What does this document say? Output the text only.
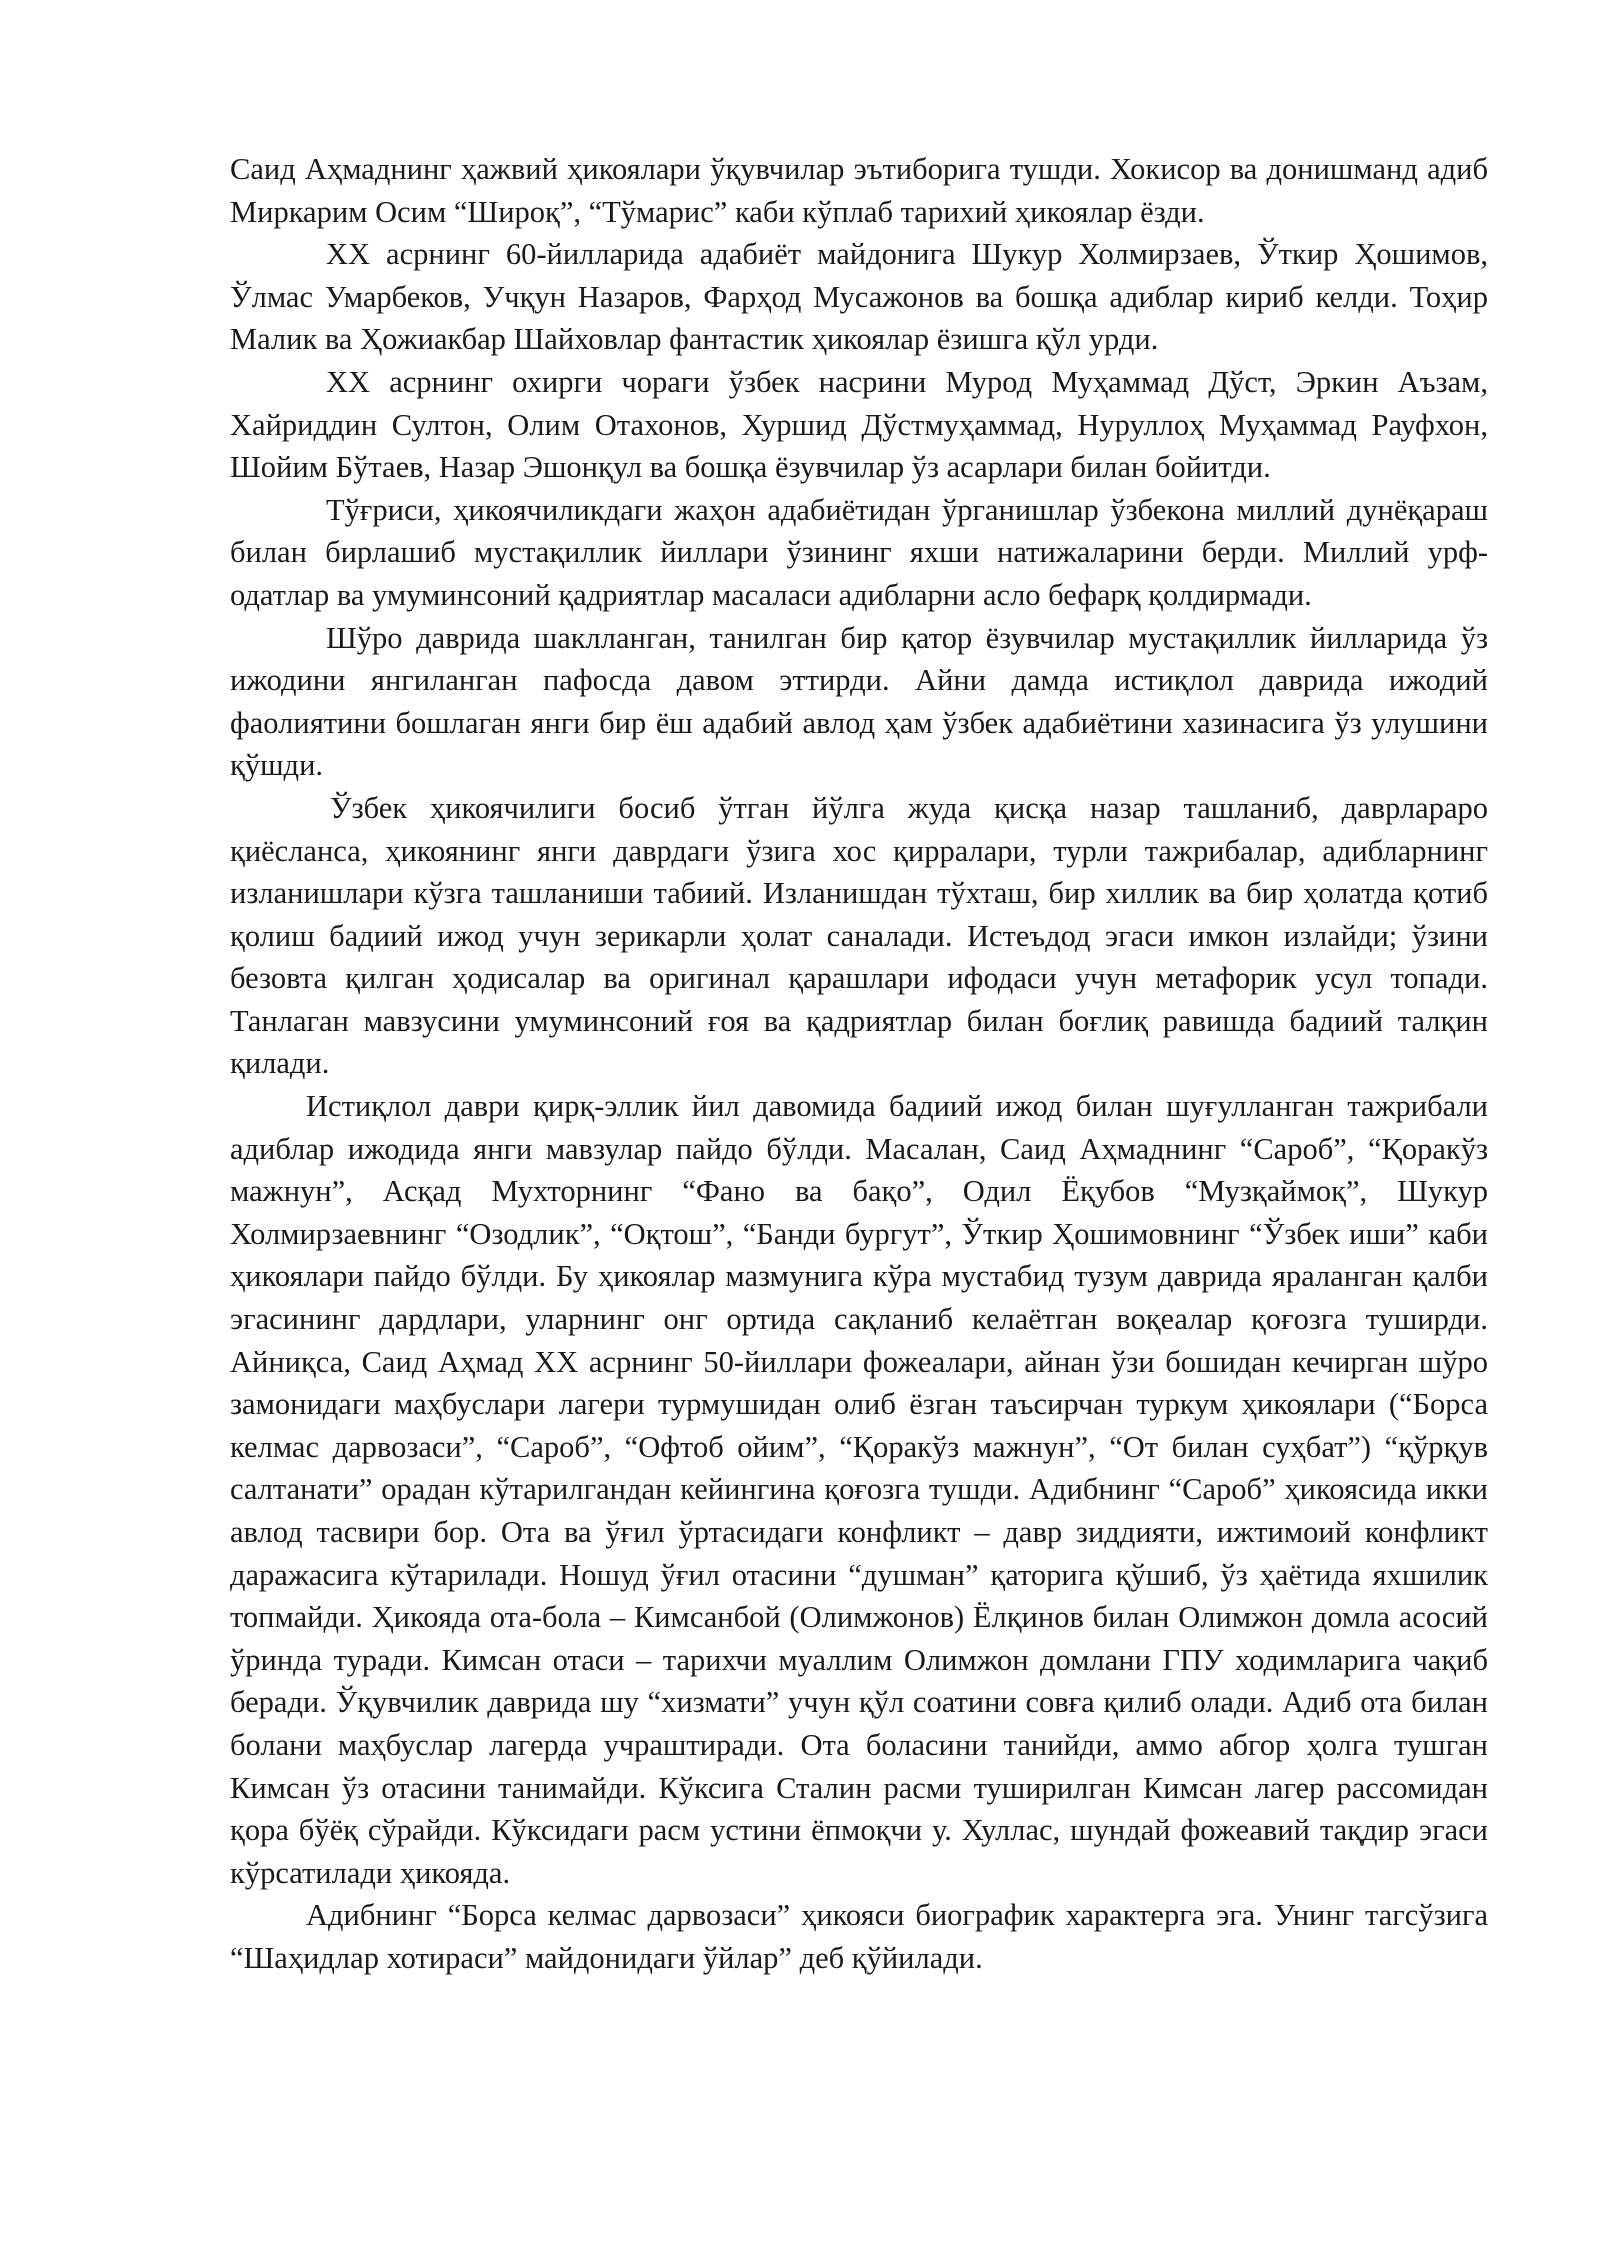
Саид Аҳмаднинг ҳажвий ҳикоялари ўқувчилар эътиборига тушди. Хокисор ва донишманд адиб Миркарим Осим “Широқ”, “Тўмарис” каби кўплаб тарихий ҳикоялар ёзди.

XX асрнинг 60-йилларида адабиёт майдонига Шукур Холмирзаев, Ўткир Ҳошимов, Ўлмас Умарбеков, Учқун Назаров, Фарҳод Мусажонов ва бошқа адиблар кириб келди. Тоҳир Малик ва Ҳожиакбар Шайховлар фантастик ҳикоялар ёзишга қўл урди.

XX асрнинг охирги чораги ўзбек насрини Мурод Муҳаммад Дўст, Эркин Аъзам, Хайриддин Султон, Олим Отахонов, Хуршид Дўстмуҳаммад, Нуруллоҳ Муҳаммад Рауфхон, Шойим Бўтаев, Назар Эшонқул ва бошқа ёзувчилар ўз асарлари билан бойитди.

Тўғриси, ҳикоячиликдаги жаҳон адабиётидан ўрганишлар ўзбекона миллий дунёқараш билан бирлашиб мустақиллик йиллари ўзининг яхши натижаларини берди. Миллий урф-одатлар ва умуминсоний қадриятлар масаласи адибларни асло бефарқ қолдирмади.

Шўро даврида шаклланган, танилган бир қатор ёзувчилар мустақиллик йилларида ўз ижодини янгиланган пафосда давом эттирди. Айни дамда истиқлол даврида ижодий фаолиятини бошлаган янги бир ёш адабий авлод ҳам ўзбек адабиётини хазинасига ўз улушини қўшди.

Ўзбек ҳикоячилиги босиб ўтган йўлга жуда қисқа назар ташланиб, даврлараро қиёсланса, ҳикоянинг янги даврдаги ўзига хос қирралари, турли тажрибалар, адибларнинг изланишлари кўзга ташланиши табиий. Изланишдан тўхташ, бир хиллик ва бир ҳолатда қотиб қолиш бадиий ижод учун зерикарли ҳолат саналади. Истеъдод эгаси имкон излайди; ўзини безовта қилган ҳодисалар ва оригинал қарашлари ифодаси учун метафорик усул топади. Танлаган мавзусини умуминсоний ғоя ва қадриятлар билан боғлиқ равишда бадиий талқин қилади.

Истиқлол даври қирқ-эллик йил давомида бадиий ижод билан шуғулланган тажрибали адиблар ижодида янги мавзулар пайдо бўлди. Масалан, Саид Аҳмаднинг “Сароб”, “Қоракўз мажнун”, Асқад Мухторнинг “Фано ва бақо”, Одил Ёқубов “Музқаймоқ”, Шукур Холмирзаевнинг “Озодлик”, “Оқтош”, “Банди бургут”, Ўткир Ҳошимовнинг “Ўзбек иши” каби ҳикоялари пайдо бўлди. Бу ҳикоялар мазмунига кўра мустабид тузум даврида яраланган қалби эгасининг дардлари, уларнинг онг ортида сақланиб келаётган воқеалар қоғозга туширди. Айниқса, Саид Аҳмад XX асрнинг 50-йиллари фожеалари, айнан ўзи бошидан кечирган шўро замонидаги маҳбуслари лагери турмушидан олиб ёзган таъсирчан туркум ҳикоялари (“Борса келмас дарвозаси”, “Сароб”, “Офтоб ойим”, “Қоракўз мажнун”, “От билан суҳбат”) “қўрқув салтанати” орадан кўтарилгандан кейингина қоғозга тушди. Адибнинг “Сароб” ҳикоясида икки авлод тасвири бор. Ота ва ўғил ўртасидаги конфликт – давр зиддияти, ижтимоий конфликт даражасига кўтарилади. Ношуд ўғил отасини “душман” қаторига қўшиб, ўз ҳаётида яхшилик топмайди. Ҳикояда ота-бола – Кимсанбой (Олимжонов) Ёлқинов билан Олимжон домла асосий ўринда туради. Кимсан отаси – тарихчи муаллим Олимжон домлани ГПУ ходимларига чақиб беради. Ўқувчилик даврида шу “хизмати” учун қўл соатини совға қилиб олади. Адиб ота билан болани маҳбуслар лагерда учраштиради. Ота боласини танийди, аммо абгор ҳолга тушган Кимсан ўз отасини танимайди. Кўксига Сталин расми туширилган Кимсан лагер рассомидан қора бўёқ сўрайди. Кўксидаги расм устини ёпмоқчи у. Хуллас, шундай фожеавий тақдир эгаси кўрсатилади ҳикояда.

Адибнинг “Борса келмас дарвозаси” ҳикояси биографик характерга эга. Унинг тагсўзига “Шаҳидлар хотираси” майдонидаги ўйлар” деб қўйилади.
